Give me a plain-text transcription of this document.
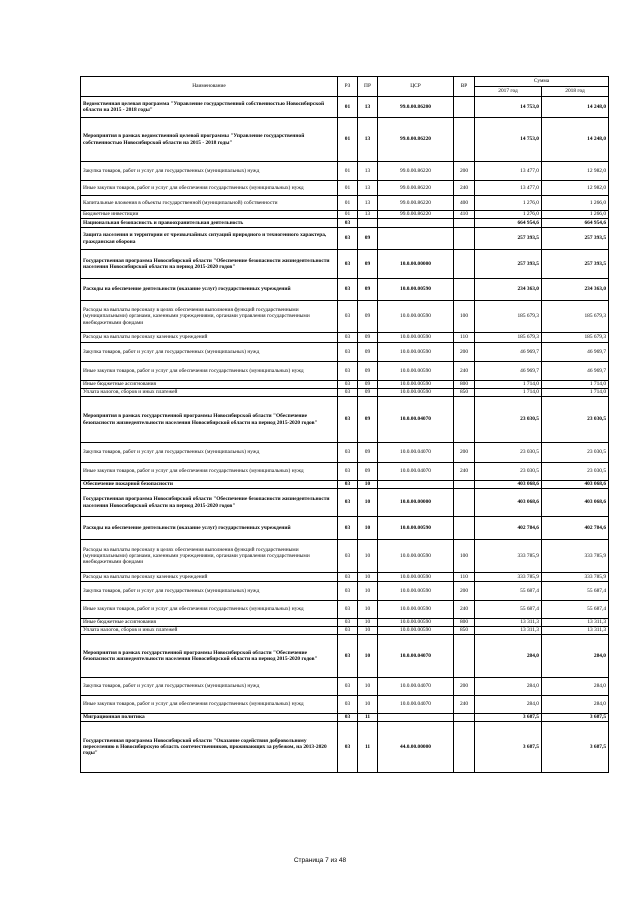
Наименование	РЗ	ПР	ЦСР	ВР	Сумма	
					2017 год	2018 год
Ведомственная целевая программа "Управление государственной собственностью Новосибирской области на 2015 - 2018 годы"	01	13	99.0.00.86200		14 753,0	14 248,0
Мероприятия в рамках ведомственной целевой программы "Управление государственной собственностью Новосибирской области на 2015 - 2018 годы"	01	13	99.0.00.86220		14 753,0	14 248,0
Закупка товаров, работ и услуг для государственных (муниципальных) нужд	01	13	99.0.00.86220	200	13 477,0	12 982,0
Иные закупки товаров, работ и услуг для обеспечения государственных (муниципальных) нужд	01	13	99.0.00.86220	240	13 477,0	12 982,0
Капитальные вложения в объекты государственной (муниципальной) собственности	01	13	99.0.00.86220	400	1 276,0	1 266,0
Бюджетные инвестиции	01	13	99.0.00.86220	410	1 276,0	1 266,0
Национальная безопасность и правоохранительная деятельность	03				664 954,6	664 954,6
Защита населения и территории от чрезвычайных ситуаций природного и техногенного характера, гражданская оборона	03	09			257 393,5	257 393,5
Государственная программа Новосибирской области "Обеспечение безопасности жизнедеятельности населения Новосибирской области на период 2015-2020 годов"	03	09	10.0.00.00000		257 393,5	257 393,5
Расходы на обеспечение деятельности (оказание услуг) государственных учреждений	03	09	10.0.00.00590		234 363,0	234 363,0
Расходы на выплаты персоналу в целях обеспечения выполнения функций государственными (муниципальными) органами, казенными учреждениями, органами управления государственными внебюджетными фондами	03	09	10.0.00.00590	100	185 679,3	185 679,3
Расходы на выплаты персоналу казенных учреждений	03	09	10.0.00.00590	110	185 679,3	185 679,3
Закупка товаров, работ и услуг для государственных (муниципальных) нужд	03	09	10.0.00.00590	200	46 969,7	46 969,7
Иные закупки товаров, работ и услуг для обеспечения государственных (муниципальных) нужд	03	09	10.0.00.00590	240	46 969,7	46 969,7
Иные бюджетные ассигнования	03	09	10.0.00.00590	800	1 714,0	1 714,0
Уплата налогов, сборов и иных платежей	03	09	10.0.00.00590	850	1 714,0	1 714,0
Мероприятия в рамках государственной программы Новосибирской области "Обеспечение безопасности жизнедеятельности населения Новосибирской области на период 2015-2020 годов"	03	09	10.0.00.04070		23 030,5	23 030,5
Закупка товаров, работ и услуг для государственных (муниципальных) нужд	03	09	10.0.00.04070	200	23 030,5	23 030,5
Иные закупки товаров, работ и услуг для обеспечения государственных (муниципальных) нужд	03	09	10.0.00.04070	240	23 030,5	23 030,5
Обеспечение пожарной безопасности	03	10			403 068,6	403 068,6
Государственная программа Новосибирской области "Обеспечение безопасности жизнедеятельности населения Новосибирской области на период 2015-2020 годов"	03	10	10.0.00.00000		403 068,6	403 068,6
Расходы на обеспечение деятельности (оказание услуг) государственных учреждений	03	10	10.0.00.00590		402 784,6	402 784,6
Расходы на выплаты персоналу в целях обеспечения выполнения функций государственными (муниципальными) органами, казенными учреждениями, органами управления государственными внебюджетными фондами	03	10	10.0.00.00590	100	333 785,9	333 785,9
Расходы на выплаты персоналу казенных учреждений	03	10	10.0.00.00590	110	333 785,9	333 785,9
Закупка товаров, работ и услуг для государственных (муниципальных) нужд	03	10	10.0.00.00590	200	55 687,4	55 687,4
Иные закупки товаров, работ и услуг для обеспечения государственных (муниципальных) нужд	03	10	10.0.00.00590	240	55 687,4	55 687,4
Иные бюджетные ассигнования	03	10	10.0.00.00590	800	13 311,3	13 311,3
Уплата налогов, сборов и иных платежей	03	10	10.0.00.00590	850	13 311,3	13 311,3
Мероприятия в рамках государственной программы Новосибирской области "Обеспечение безопасности жизнедеятельности населения Новосибирской области на период 2015-2020 годов"	03	10	10.0.00.04070		284,0	284,0
Закупка товаров, работ и услуг для государственных (муниципальных) нужд	03	10	10.0.00.04070	200	284,0	284,0
Иные закупки товаров, работ и услуг для обеспечения государственных (муниципальных) нужд	03	10	10.0.00.04070	240	284,0	284,0
Миграционная политика	03	11			3 687,5	3 687,5
Государственная программа Новосибирской области "Оказание содействия добровольному переселению в Новосибирскую область соотечественников, проживающих за рубежом, на 2013-2020 годы"	03	11	44.0.00.00000		3 687,5	3 687,5
Страница 7 из 48
